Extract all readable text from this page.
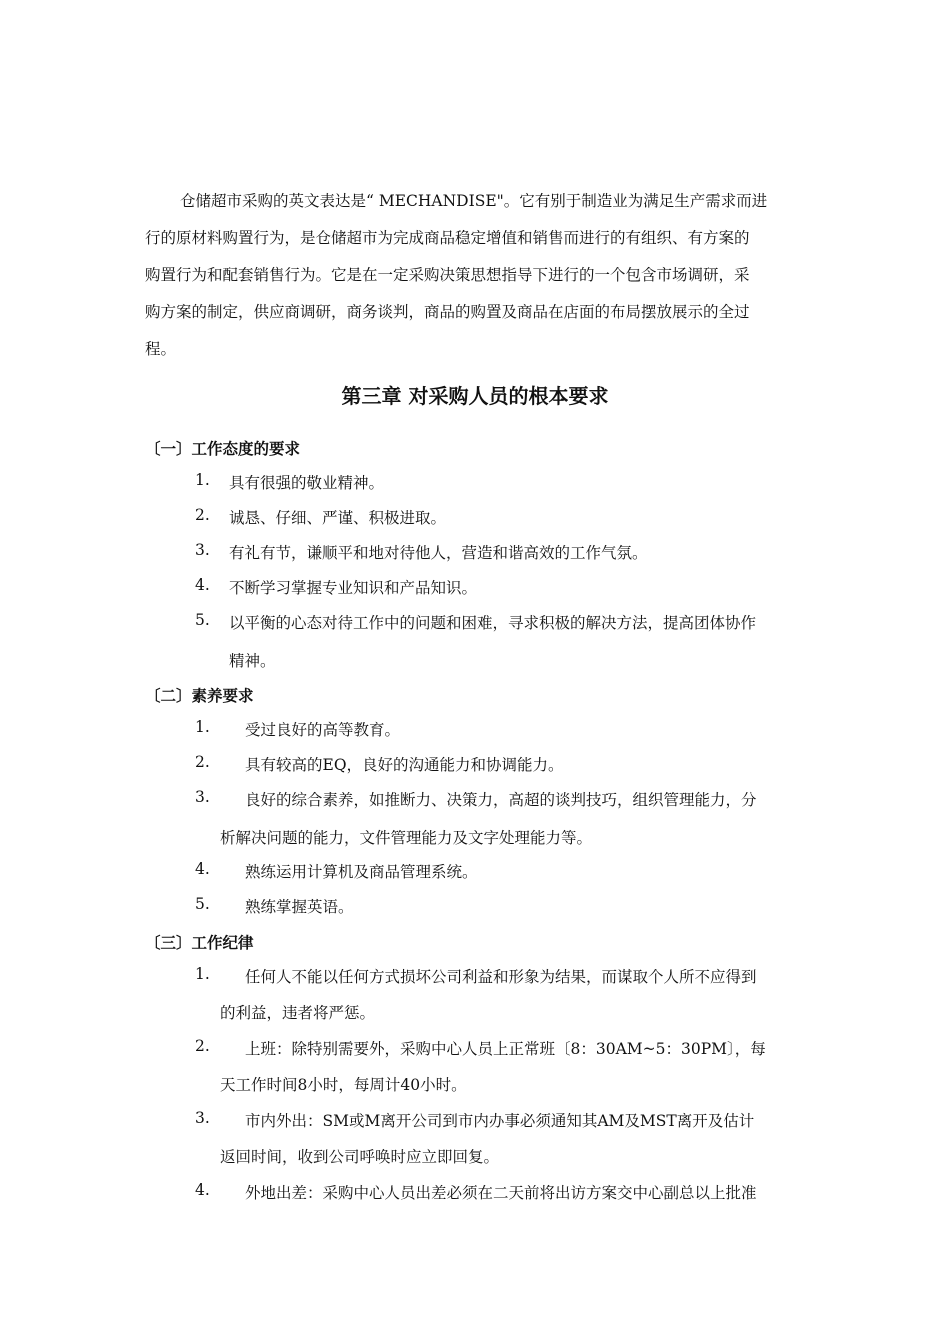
仓储超市采购的英文表达是“ MECHANDISE"。它有别于制造业为满足生产需求而进
行的原材料购置行为，是仓储超市为完成商品稳定增值和销售而进行的有组织、有方案的
购置行为和配套销售行为。它是在一定采购决策思想指导下进行的一个包含市场调研，采
购方案的制定，供应商调研，商务谈判，商品的购置及商品在店面的布局摆放展示的全过
程。
第三章 对采购人员的根本要求
〔一〕工作态度的要求
1. 具有很强的敬业精神。
2. 诚恳、仔细、严谨、积极进取。
3. 有礼有节，谦顺平和地对待他人，营造和谐高效的工作气氛。
4. 不断学习掌握专业知识和产品知识。
5. 以平衡的心态对待工作中的问题和困难，寻求积极的解决方法，提高团体协作
精神。
〔二〕素养要求
1. 受过良好的高等教育。
2. 具有较高的EQ，良好的沟通能力和协调能力。
3. 良好的综合素养，如推断力、决策力，高超的谈判技巧，组织管理能力，分
析解决问题的能力，文件管理能力及文字处理能力等。
4. 熟练运用计算机及商品管理系统。
5. 熟练掌握英语。
〔三〕工作纪律
1. 任何人不能以任何方式损坏公司利益和形象为结果，而谋取个人所不应得到
的利益，违者将严惩。
2. 上班：除特别需要外，采购中心人员上正常班〔8：30AM~5：30PM〕，每
天工作时间8小时，每周计40小时。
3. 市内外出：SM或M离开公司到市内办事必须通知其AM及MST离开及估计
返回时间，收到公司呼唤时应立即回复。
4. 外地出差：采购中心人员出差必须在二天前将出访方案交中心副总以上批准
